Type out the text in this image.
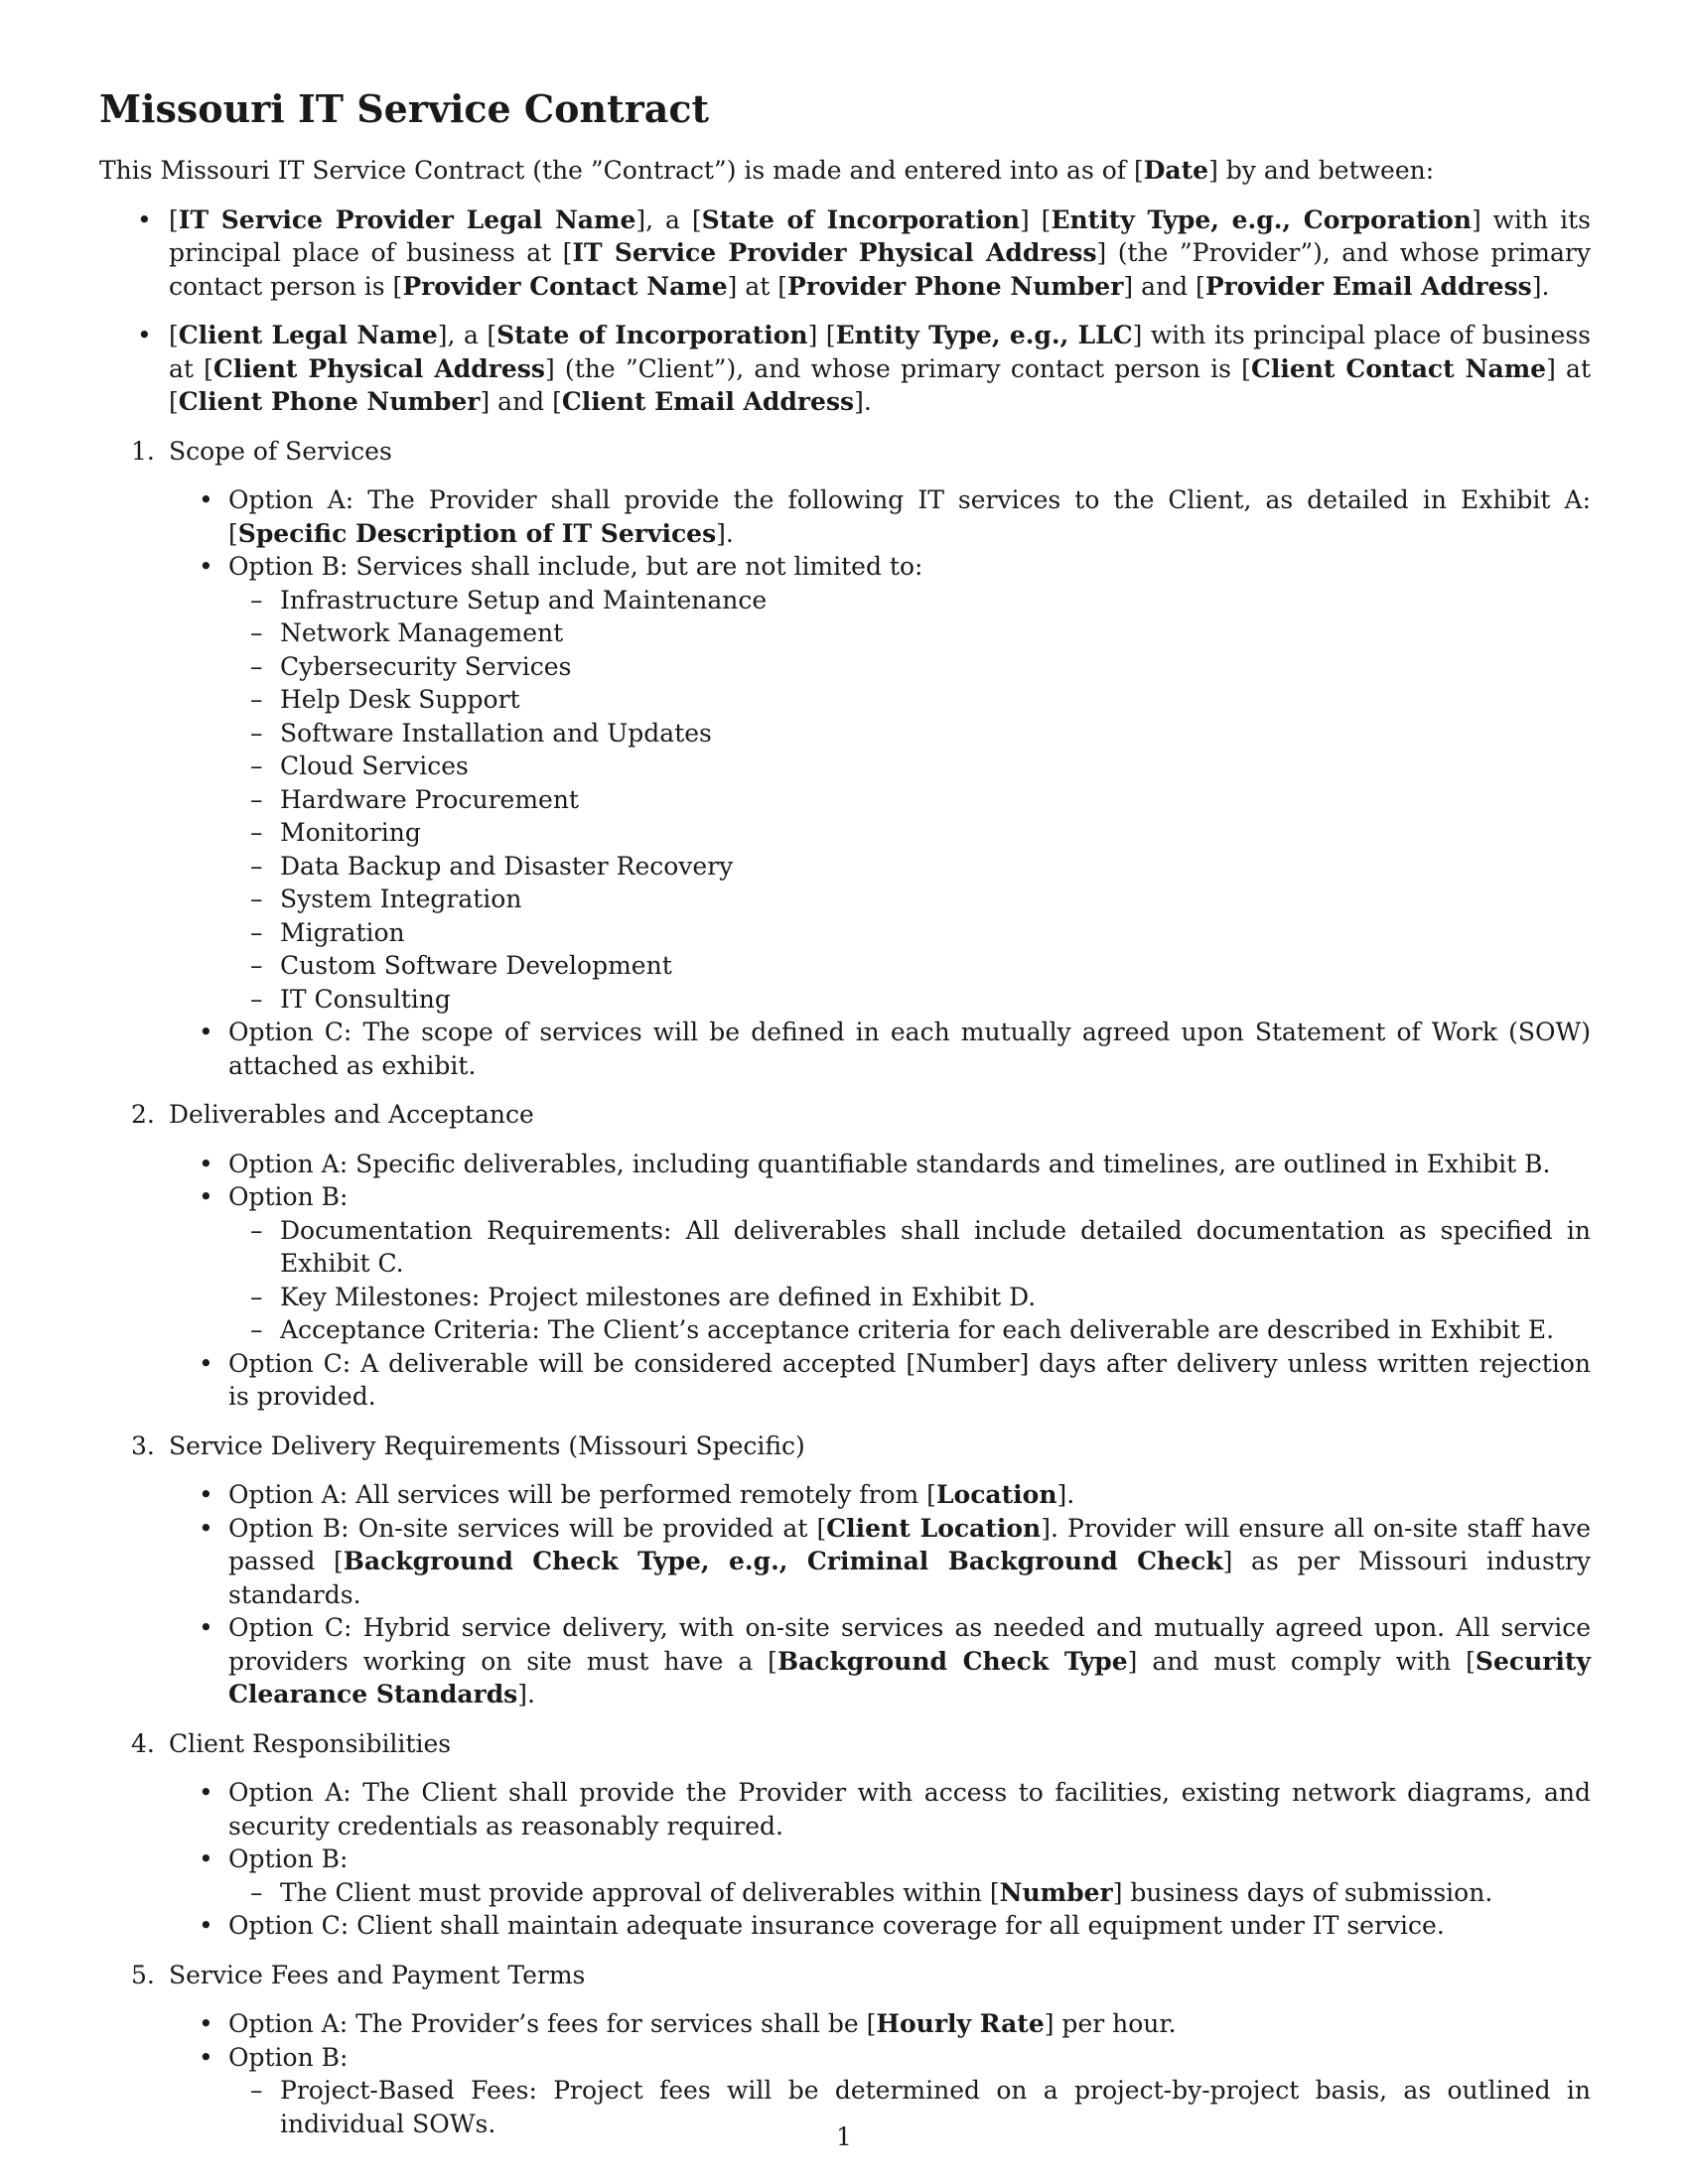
Missouri IT Service Contract

This Missouri IT Service Contract (the ”Contract”) is made and entered into as of [Date] by and between:

• [IT Service Provider Legal Name], a [State of Incorporation] [Entity Type, e.g., Corporation] with its principal place of business at [IT Service Provider Physical Address] (the ”Provider”), and whose primary contact person is [Provider Contact Name] at [Provider Phone Number] and [Provider Email Address].
• [Client Legal Name], a [State of Incorporation] [Entity Type, e.g., LLC] with its principal place of business at [Client Physical Address] (the ”Client”), and whose primary contact person is [Client Contact Name] at [Client Phone Number] and [Client Email Address].
1. Scope of Services
• Option A: The Provider shall provide the following IT services to the Client, as detailed in Exhibit A: [Specific Description of IT Services].
• Option B: Services shall include, but are not limited to:
– Infrastructure Setup and Maintenance
– Network Management
– Cybersecurity Services
– Help Desk Support
– Software Installation and Updates
– Cloud Services
– Hardware Procurement
– Monitoring
– Data Backup and Disaster Recovery
– System Integration
– Migration
– Custom Software Development
– IT Consulting
• Option C: The scope of services will be defined in each mutually agreed upon Statement of Work (SOW) attached as exhibit.
2. Deliverables and Acceptance
• Option A: Specific deliverables, including quantifiable standards and timelines, are outlined in Exhibit B.
• Option B:
– Documentation Requirements: All deliverables shall include detailed documentation as specified in Exhibit C.
– Key Milestones: Project milestones are defined in Exhibit D.
– Acceptance Criteria: The Client’s acceptance criteria for each deliverable are described in Exhibit E.
• Option C: A deliverable will be considered accepted [Number] days after delivery unless written rejection is provided.
3. Service Delivery Requirements (Missouri Specific)
• Option A: All services will be performed remotely from [Location].
• Option B: On-site services will be provided at [Client Location]. Provider will ensure all on-site staff have passed [Background Check Type, e.g., Criminal Background Check] as per Missouri industry standards.
• Option C: Hybrid service delivery, with on-site services as needed and mutually agreed upon. All service providers working on site must have a [Background Check Type] and must comply with [Security Clearance Standards].
4. Client Responsibilities
• Option A: The Client shall provide the Provider with access to facilities, existing network diagrams, and security credentials as reasonably required.
• Option B:
– The Client must provide approval of deliverables within [Number] business days of submission.
• Option C: Client shall maintain adequate insurance coverage for all equipment under IT service.
5. Service Fees and Payment Terms
• Option A: The Provider’s fees for services shall be [Hourly Rate] per hour.
• Option B:
– Project-Based Fees: Project fees will be determined on a project-by-project basis, as outlined in individual SOWs.	1
